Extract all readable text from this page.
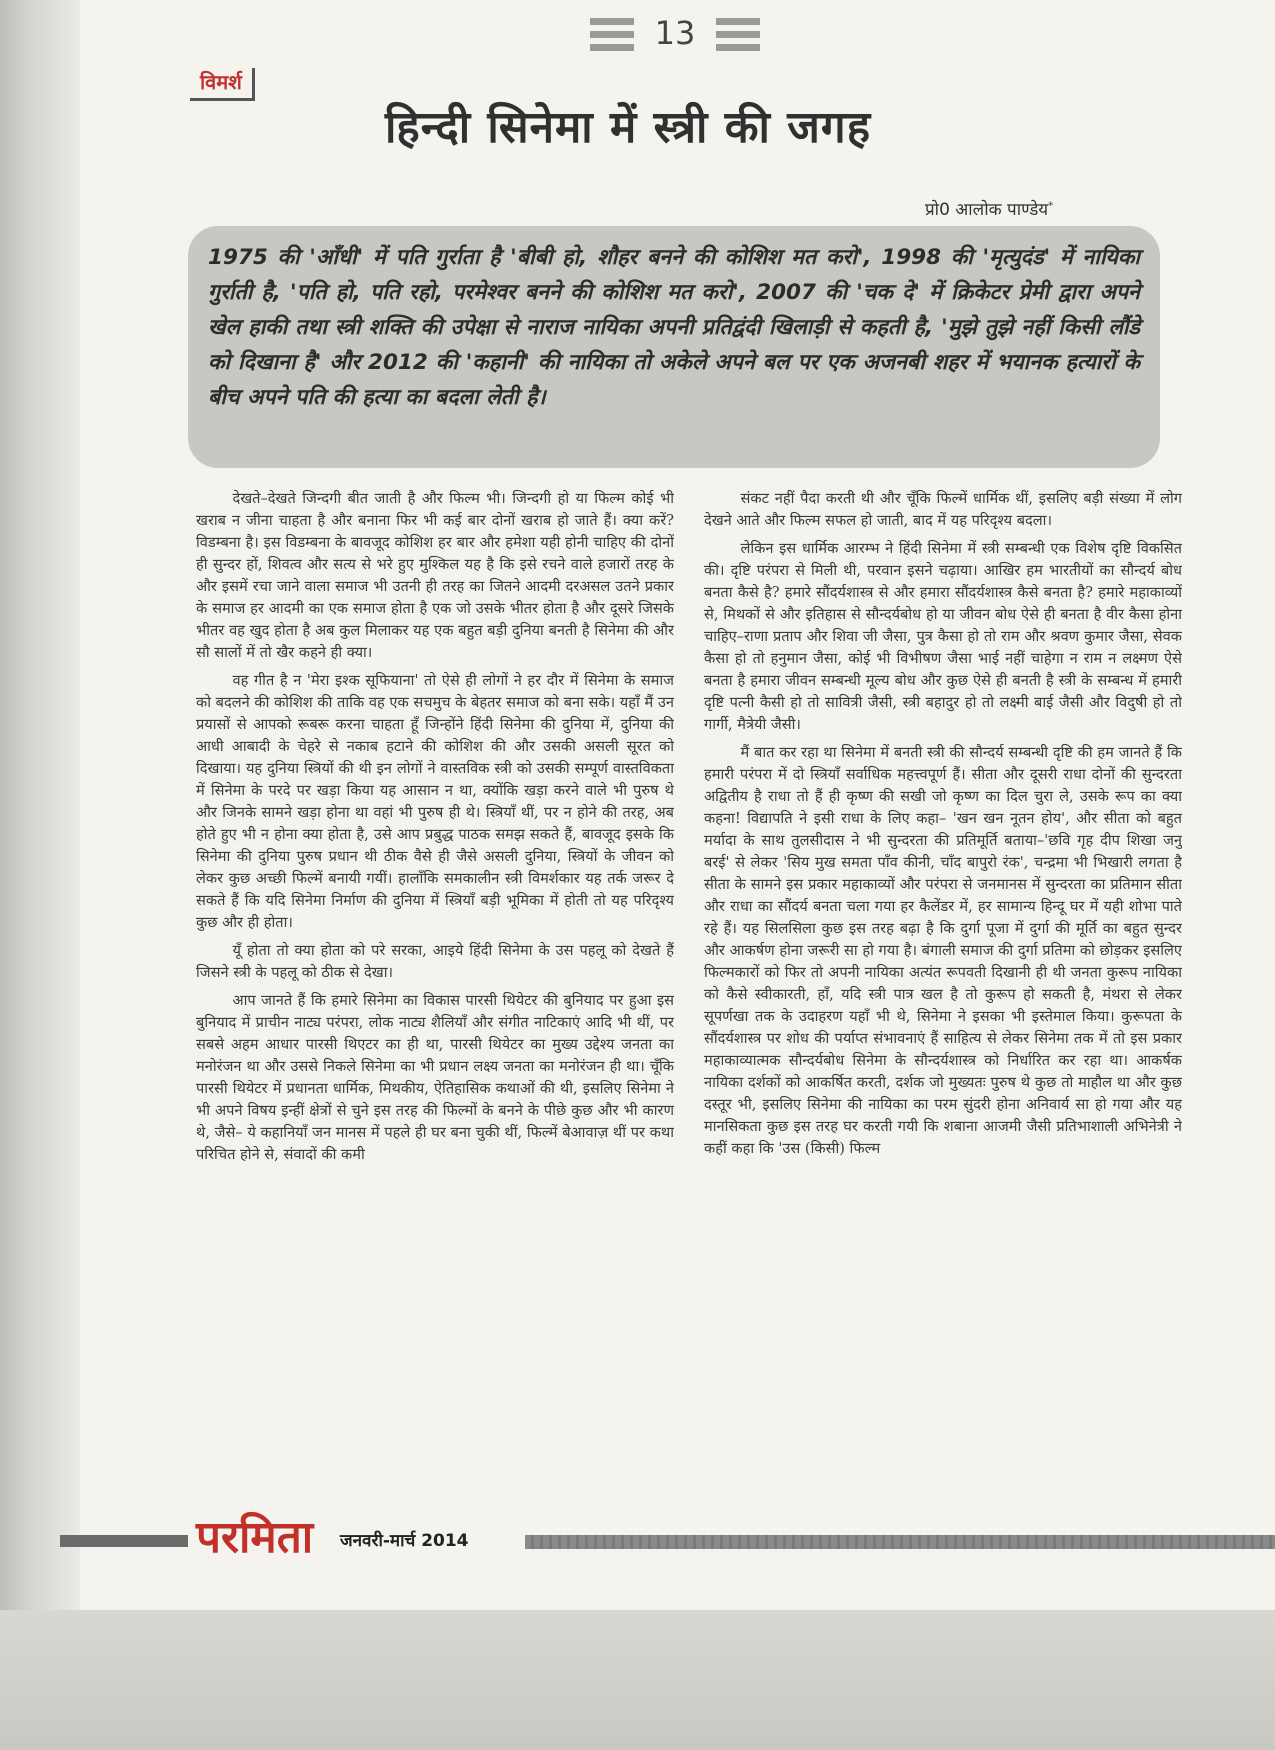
13
विमर्श
हिन्दी सिनेमा में स्त्री की जगह
प्रो0 आलोक पाण्डेय*

1975 की 'आँधी' में पति गुर्राता है 'बीबी हो, शौहर बनने की कोशिश मत करो', 1998 की 'मृत्युदंड' में नायिका गुर्राती है, 'पति हो, पति रहो, परमेश्वर बनने की कोशिश मत करो', 2007 की 'चक दे' में क्रिकेटर प्रेमी द्वारा अपने खेल हाकी तथा स्त्री शक्ति की उपेक्षा से नाराज नायिका अपनी प्रतिद्वंदी खिलाड़ी से कहती है, 'मुझे तुझे नहीं किसी लौंडे को दिखाना है' और 2012 की 'कहानी' की नायिका तो अकेले अपने बल पर एक अजनबी शहर में भयानक हत्यारों के बीच अपने पति की हत्या का बदला लेती है।

देखते–देखते जिन्दगी बीत जाती है और फिल्म भी। जिन्दगी हो या फिल्म कोई भी खराब न जीना चाहता है और बनाना फिर भी कई बार दोनों खराब हो जाते हैं। क्या करें? विडम्बना है। इस विडम्बना के बावजूद कोशिश हर बार और हमेशा यही होनी चाहिए की दोनों ही सुन्दर हों, शिवत्व और सत्य से भरे हुए मुश्किल यह है कि इसे रचने वाले हजारों तरह के और इसमें रचा जाने वाला समाज भी उतनी ही तरह का जितने आदमी दरअसल उतने प्रकार के समाज हर आदमी का एक समाज होता है एक जो उसके भीतर होता है और दूसरे जिसके भीतर वह खुद होता है अब कुल मिलाकर यह एक बहुत बड़ी दुनिया बनती है सिनेमा की और सौ सालों में तो खैर कहने ही क्या।

वह गीत है न 'मेरा इश्क सूफियाना' तो ऐसे ही लोगों ने हर दौर में सिनेमा के समाज को बदलने की कोशिश की ताकि वह एक सचमुच के बेहतर समाज को बना सके। यहाँ मैं उन प्रयासों से आपको रूबरू करना चाहता हूँ जिन्होंने हिंदी सिनेमा की दुनिया में, दुनिया की आधी आबादी के चेहरे से नकाब हटाने की कोशिश की और उसकी असली सूरत को दिखाया। यह दुनिया स्त्रियों की थी इन लोगों ने वास्तविक स्त्री को उसकी सम्पूर्ण वास्तविकता में सिनेमा के परदे पर खड़ा किया यह आसान न था, क्योंकि खड़ा करने वाले भी पुरुष थे और जिनके सामने खड़ा होना था वहां भी पुरुष ही थे। स्त्रियाँ थीं, पर न होने की तरह, अब होते हुए भी न होना क्या होता है, उसे आप प्रबुद्ध पाठक समझ सकते हैं, बावजूद इसके कि सिनेमा की दुनिया पुरुष प्रधान थी ठीक वैसे ही जैसे असली दुनिया, स्त्रियों के जीवन को लेकर कुछ अच्छी फिल्में बनायी गयीं। हालाँकि समकालीन स्त्री विमर्शकार यह तर्क जरूर दे सकते हैं कि यदि सिनेमा निर्माण की दुनिया में स्त्रियाँ बड़ी भूमिका में होती तो यह परिदृश्य कुछ और ही होता।

यूँ होता तो क्या होता को परे सरका, आइये हिंदी सिनेमा के उस पहलू को देखते हैं जिसने स्त्री के पहलू को ठीक से देखा।

आप जानते हैं कि हमारे सिनेमा का विकास पारसी थियेटर की बुनियाद पर हुआ इस बुनियाद में प्राचीन नाट्य परंपरा, लोक नाट्य शैलियाँ और संगीत नाटिकाएं आदि भी थीं, पर सबसे अहम आधार पारसी थिएटर का ही था, पारसी थियेटर का मुख्य उद्देश्य जनता का मनोरंजन था और उससे निकले सिनेमा का भी प्रधान लक्ष्य जनता का मनोरंजन ही था। चूँकि पारसी थियेटर में प्रधानता धार्मिक, मिथकीय, ऐतिहासिक कथाओं की थी, इसलिए सिनेमा ने भी अपने विषय इन्हीं क्षेत्रों से चुने इस तरह की फिल्मों के बनने के पीछे कुछ और भी कारण थे, जैसे– ये कहानियाँ जन मानस में पहले ही घर बना चुकी थीं, फिल्में बेआवाज़ थीं पर कथा परिचित होने से, संवादों की कमी

संकट नहीं पैदा करती थी और चूँकि फिल्में धार्मिक थीं, इसलिए बड़ी संख्या में लोग देखने आते और फिल्म सफल हो जाती, बाद में यह परिदृश्य बदला।

लेकिन इस धार्मिक आरम्भ ने हिंदी सिनेमा में स्त्री सम्बन्धी एक विशेष दृष्टि विकसित की। दृष्टि परंपरा से मिली थी, परवान इसने चढ़ाया। आखिर हम भारतीयों का सौन्दर्य बोध बनता कैसे है? हमारे सौंदर्यशास्त्र से और हमारा सौंदर्यशास्त्र कैसे बनता है? हमारे महाकाव्यों से, मिथकों से और इतिहास से सौन्दर्यबोध हो या जीवन बोध ऐसे ही बनता है वीर कैसा होना चाहिए–राणा प्रताप और शिवा जी जैसा, पुत्र कैसा हो तो राम और श्रवण कुमार जैसा, सेवक कैसा हो तो हनुमान जैसा, कोई भी विभीषण जैसा भाई नहीं चाहेगा न राम न लक्ष्मण ऐसे बनता है हमारा जीवन सम्बन्धी मूल्य बोध और कुछ ऐसे ही बनती है स्त्री के सम्बन्ध में हमारी दृष्टि पत्नी कैसी हो तो सावित्री जैसी, स्त्री बहादुर हो तो लक्ष्मी बाई जैसी और विदुषी हो तो गार्गी, मैत्रेयी जैसी।

मैं बात कर रहा था सिनेमा में बनती स्त्री की सौन्दर्य सम्बन्धी दृष्टि की हम जानते हैं कि हमारी परंपरा में दो स्त्रियाँ सर्वाधिक महत्त्वपूर्ण हैं। सीता और दूसरी राधा दोनों की सुन्दरता अद्वितीय है राधा तो हैं ही कृष्ण की सखी जो कृष्ण का दिल चुरा ले, उसके रूप का क्या कहना! विद्यापति ने इसी राधा के लिए कहा– 'खन खन नूतन होय', और सीता को बहुत मर्यादा के साथ तुलसीदास ने भी सुन्दरता की प्रतिमूर्ति बताया–'छवि गृह दीप शिखा जनु बरई' से लेकर 'सिय मुख समता पाँव कीनी, चाँद बापुरो रंक', चन्द्रमा भी भिखारी लगता है सीता के सामने इस प्रकार महाकाव्यों और परंपरा से जनमानस में सुन्दरता का प्रतिमान सीता और राधा का सौंदर्य बनता चला गया हर कैलेंडर में, हर सामान्य हिन्दू घर में यही शोभा पाते रहे हैं। यह सिलसिला कुछ इस तरह बढ़ा है कि दुर्गा पूजा में दुर्गा की मूर्ति का बहुत सुन्दर और आकर्षण होना जरूरी सा हो गया है। बंगाली समाज की दुर्गा प्रतिमा को छोड़कर इसलिए फिल्मकारों को फिर तो अपनी नायिका अत्यंत रूपवती दिखानी ही थी जनता कुरूप नायिका को कैसे स्वीकारती, हाँ, यदि स्त्री पात्र खल है तो कुरूप हो सकती है, मंथरा से लेकर सूपर्णखा तक के उदाहरण यहाँ भी थे, सिनेमा ने इसका भी इस्तेमाल किया। कुरूपता के सौंदर्यशास्त्र पर शोध की पर्याप्त संभावनाएं हैं साहित्य से लेकर सिनेमा तक में तो इस प्रकार महाकाव्यात्मक सौन्दर्यबोध सिनेमा के सौन्दर्यशास्त्र को निर्धारित कर रहा था। आकर्षक नायिका दर्शकों को आकर्षित करती, दर्शक जो मुख्यतः पुरुष थे कुछ तो माहौल था और कुछ दस्तूर भी, इसलिए सिनेमा की नायिका का परम सुंदरी होना अनिवार्य सा हो गया और यह मानसिकता कुछ इस तरह घर करती गयी कि शबाना आजमी जैसी प्रतिभाशाली अभिनेत्री ने कहीं कहा कि 'उस (किसी) फिल्म

परमिता जनवरी-मार्च 2014
